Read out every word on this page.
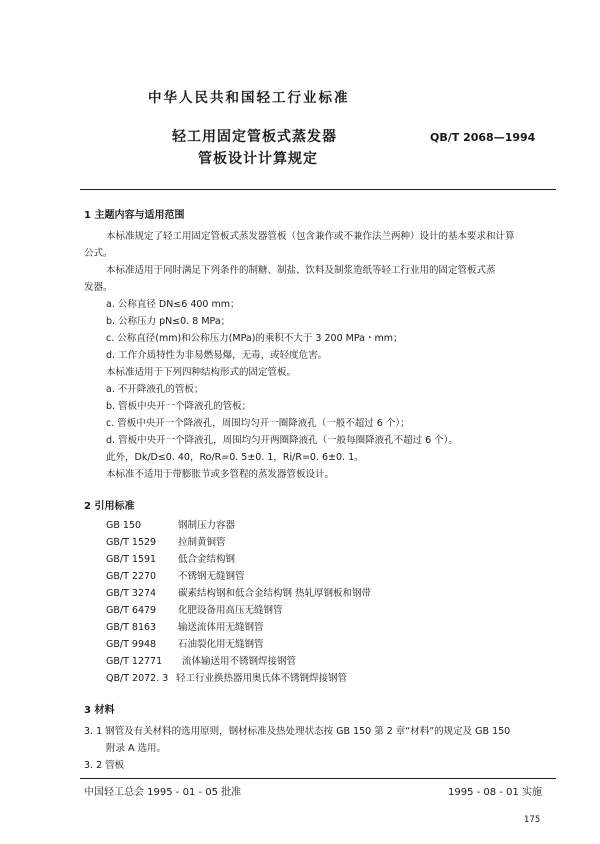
中华人民共和国轻工行业标准
轻工用固定管板式蒸发器
管板设计计算规定
QB/T 2068—1994
1 主题内容与适用范围
本标准规定了轻工用固定管板式蒸发器管板（包含兼作或不兼作法兰两种）设计的基本要求和计算
公式。
本标准适用于同时满足下列条件的制糖、制盐、饮料及制浆造纸等轻工行业用的固定管板式蒸
发器。
a. 公称直径 DN≤6 400 mm；
b. 公称压力 pN≤0. 8 MPa；
c. 公称直径(mm)和公称压力(MPa)的乘积不大于 3 200 MPa・mm；
d. 工作介质特性为非易燃易爆，无毒，或轻度危害。
本标准适用于下列四种结构形式的固定管板。
a. 不开降液孔的管板；
b. 管板中央开一个降液孔的管板；
c. 管板中央开一个降液孔，周围均匀开一圈降液孔（一般不超过 6 个）；
d. 管板中央开一个降液孔，周围均匀开两圈降液孔（一般每圈降液孔不超过 6 个）。
此外，Dk/D≤0. 40，Ro/R=0. 5±0. 1，Ri/R=0. 6±0. 1。
本标准不适用于带膨胀节或多管程的蒸发器管板设计。
2 引用标准
GB 150	钢制压力容器
GB/T 1529 拉制黄铜管
GB/T 1591 低合金结构钢
GB/T 2270 不锈钢无缝钢管
GB/T 3274 碳素结构钢和低合金结构钢 热轧厚钢板和钢带
GB/T 6479 化肥设备用高压无缝钢管
GB/T 8163 输送流体用无缝钢管
GB/T 9948 石油裂化用无缝钢管
GB/T 12771 流体输送用不锈钢焊接钢管
QB/T 2072. 3 轻工行业换热器用奥氏体不锈钢焊接钢管
3 材料
3. 1 钢管及有关材料的选用原则，钢材标准及热处理状态按 GB 150 第 2 章“材料”的规定及 GB 150
附录 A 选用。
3. 2 管板
中国轻工总会 1995 - 01 - 05 批准	1995 - 08 - 01 实施
175
